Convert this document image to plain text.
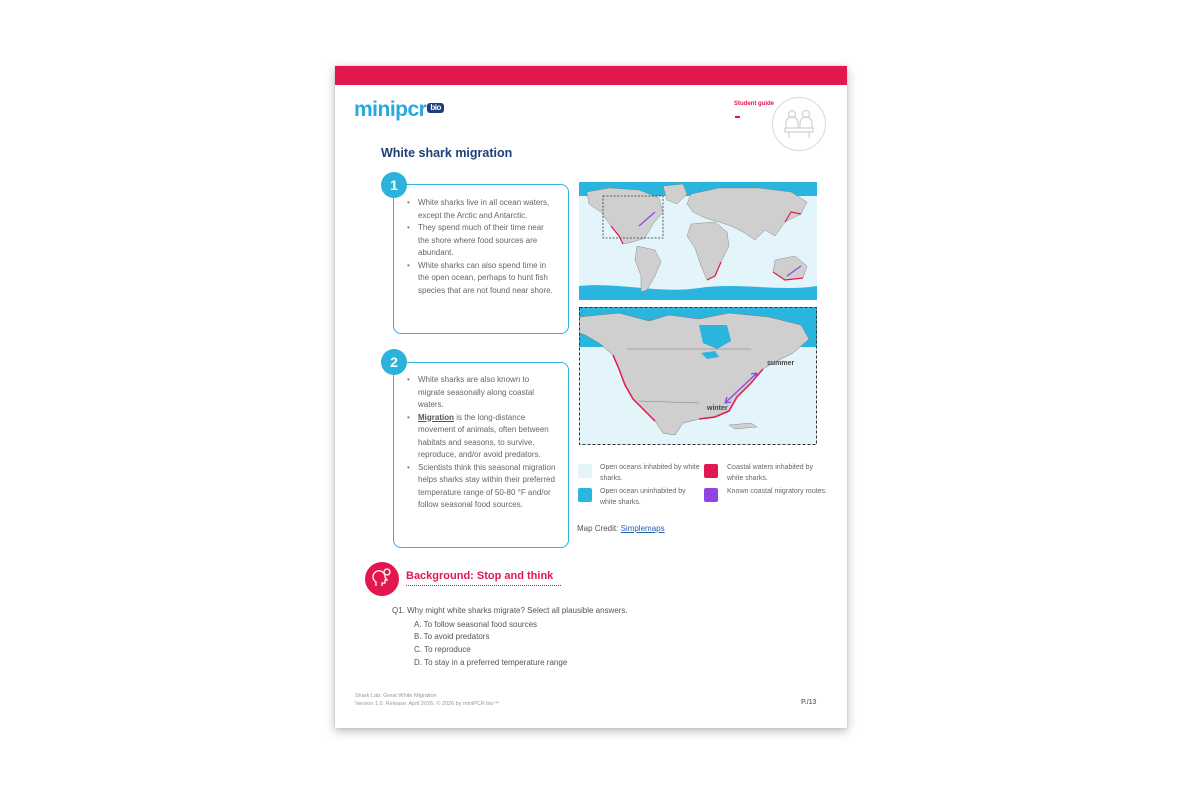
minipcr bio	Student guide
White shark migration
• White sharks live in all ocean waters, except the Arctic and Antarctic.
• They spend much of their time near the shore where food sources are abundant.
• White sharks can also spend time in the open ocean, perhaps to hunt fish species that are not found near shore.
1
• White sharks are also known to migrate seasonally along coastal waters.
• Migration is the long-distance movement of animals, often between habitats and seasons, to survive, reproduce, and/or avoid predators.
• Scientists think this seasonal migration helps sharks stay within their preferred temperature range of 50-80 °F and/or follow seasonal food sources.
2	summer
winter
Open oceans inhabited by white sharks.
Open ocean uninhabited by white sharks.
Coastal waters inhabited by white sharks.
Known coastal migratory routes.
Map Credit: Simplemaps
Background: Stop and think
Q1. Why might white sharks migrate? Select all plausible answers.
A. To follow seasonal food sources
B. To avoid predators
C. To reproduce
D. To stay in a preferred temperature range
Shark Lab: Great White Migration
Version 1.0. Release: April 2026. © 2026 by miniPCR bio™	P./13
